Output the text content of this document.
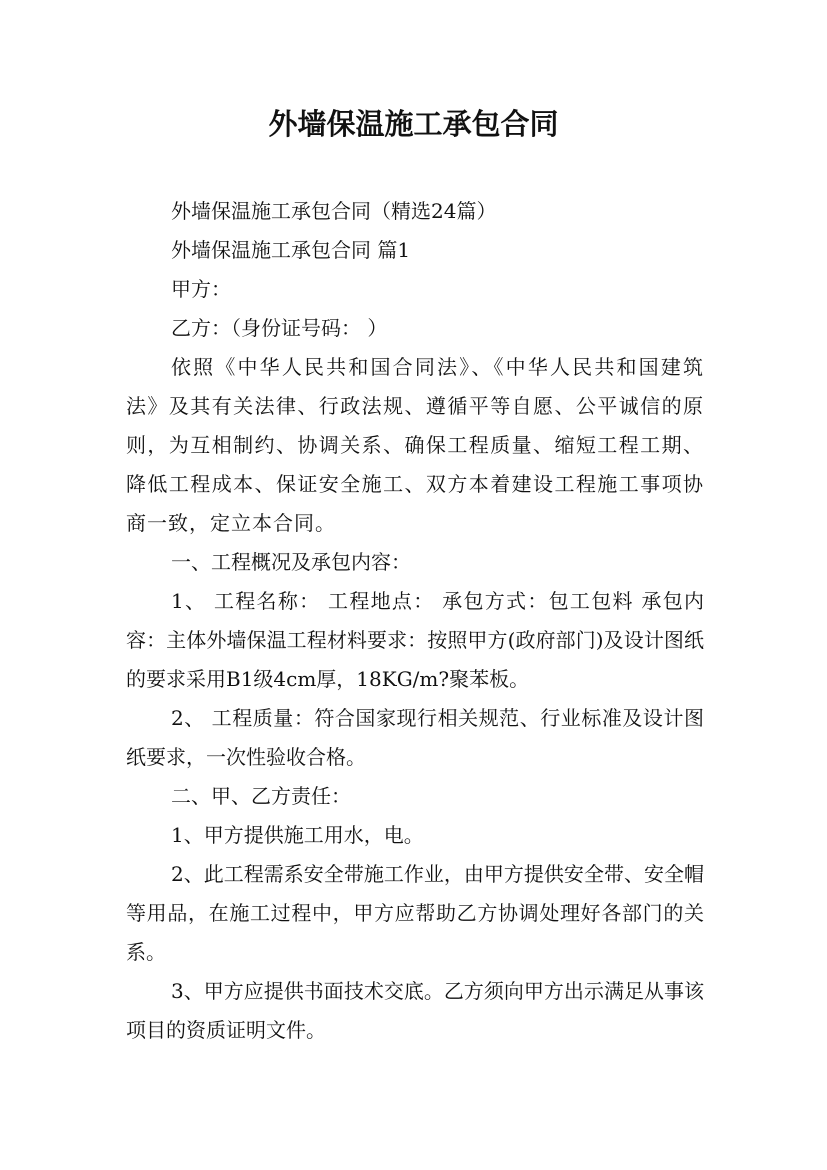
外墙保温施工承包合同

外墙保温施工承包合同（精选24篇）

外墙保温施工承包合同 篇1

甲方：

乙方：（身份证号码： ）

依照《中华人民共和国合同法》、《中华人民共和国建筑法》及其有关法律、行政法规、遵循平等自愿、公平诚信的原则，为互相制约、协调关系、确保工程质量、缩短工程工期、降低工程成本、保证安全施工、双方本着建设工程施工事项协商一致，定立本合同。

一、工程概况及承包内容：

1、 工程名称： 工程地点： 承包方式：包工包料 承包内容：主体外墙保温工程材料要求：按照甲方(政府部门)及设计图纸的要求采用B1级4cm厚，18KG/m?聚苯板。

2、 工程质量：符合国家现行相关规范、行业标准及设计图纸要求，一次性验收合格。

二、甲、乙方责任：

1、甲方提供施工用水，电。

2、此工程需系安全带施工作业，由甲方提供安全带、安全帽等用品，在施工过程中，甲方应帮助乙方协调处理好各部门的关系。

3、甲方应提供书面技术交底。乙方须向甲方出示满足从事该项目的资质证明文件。
